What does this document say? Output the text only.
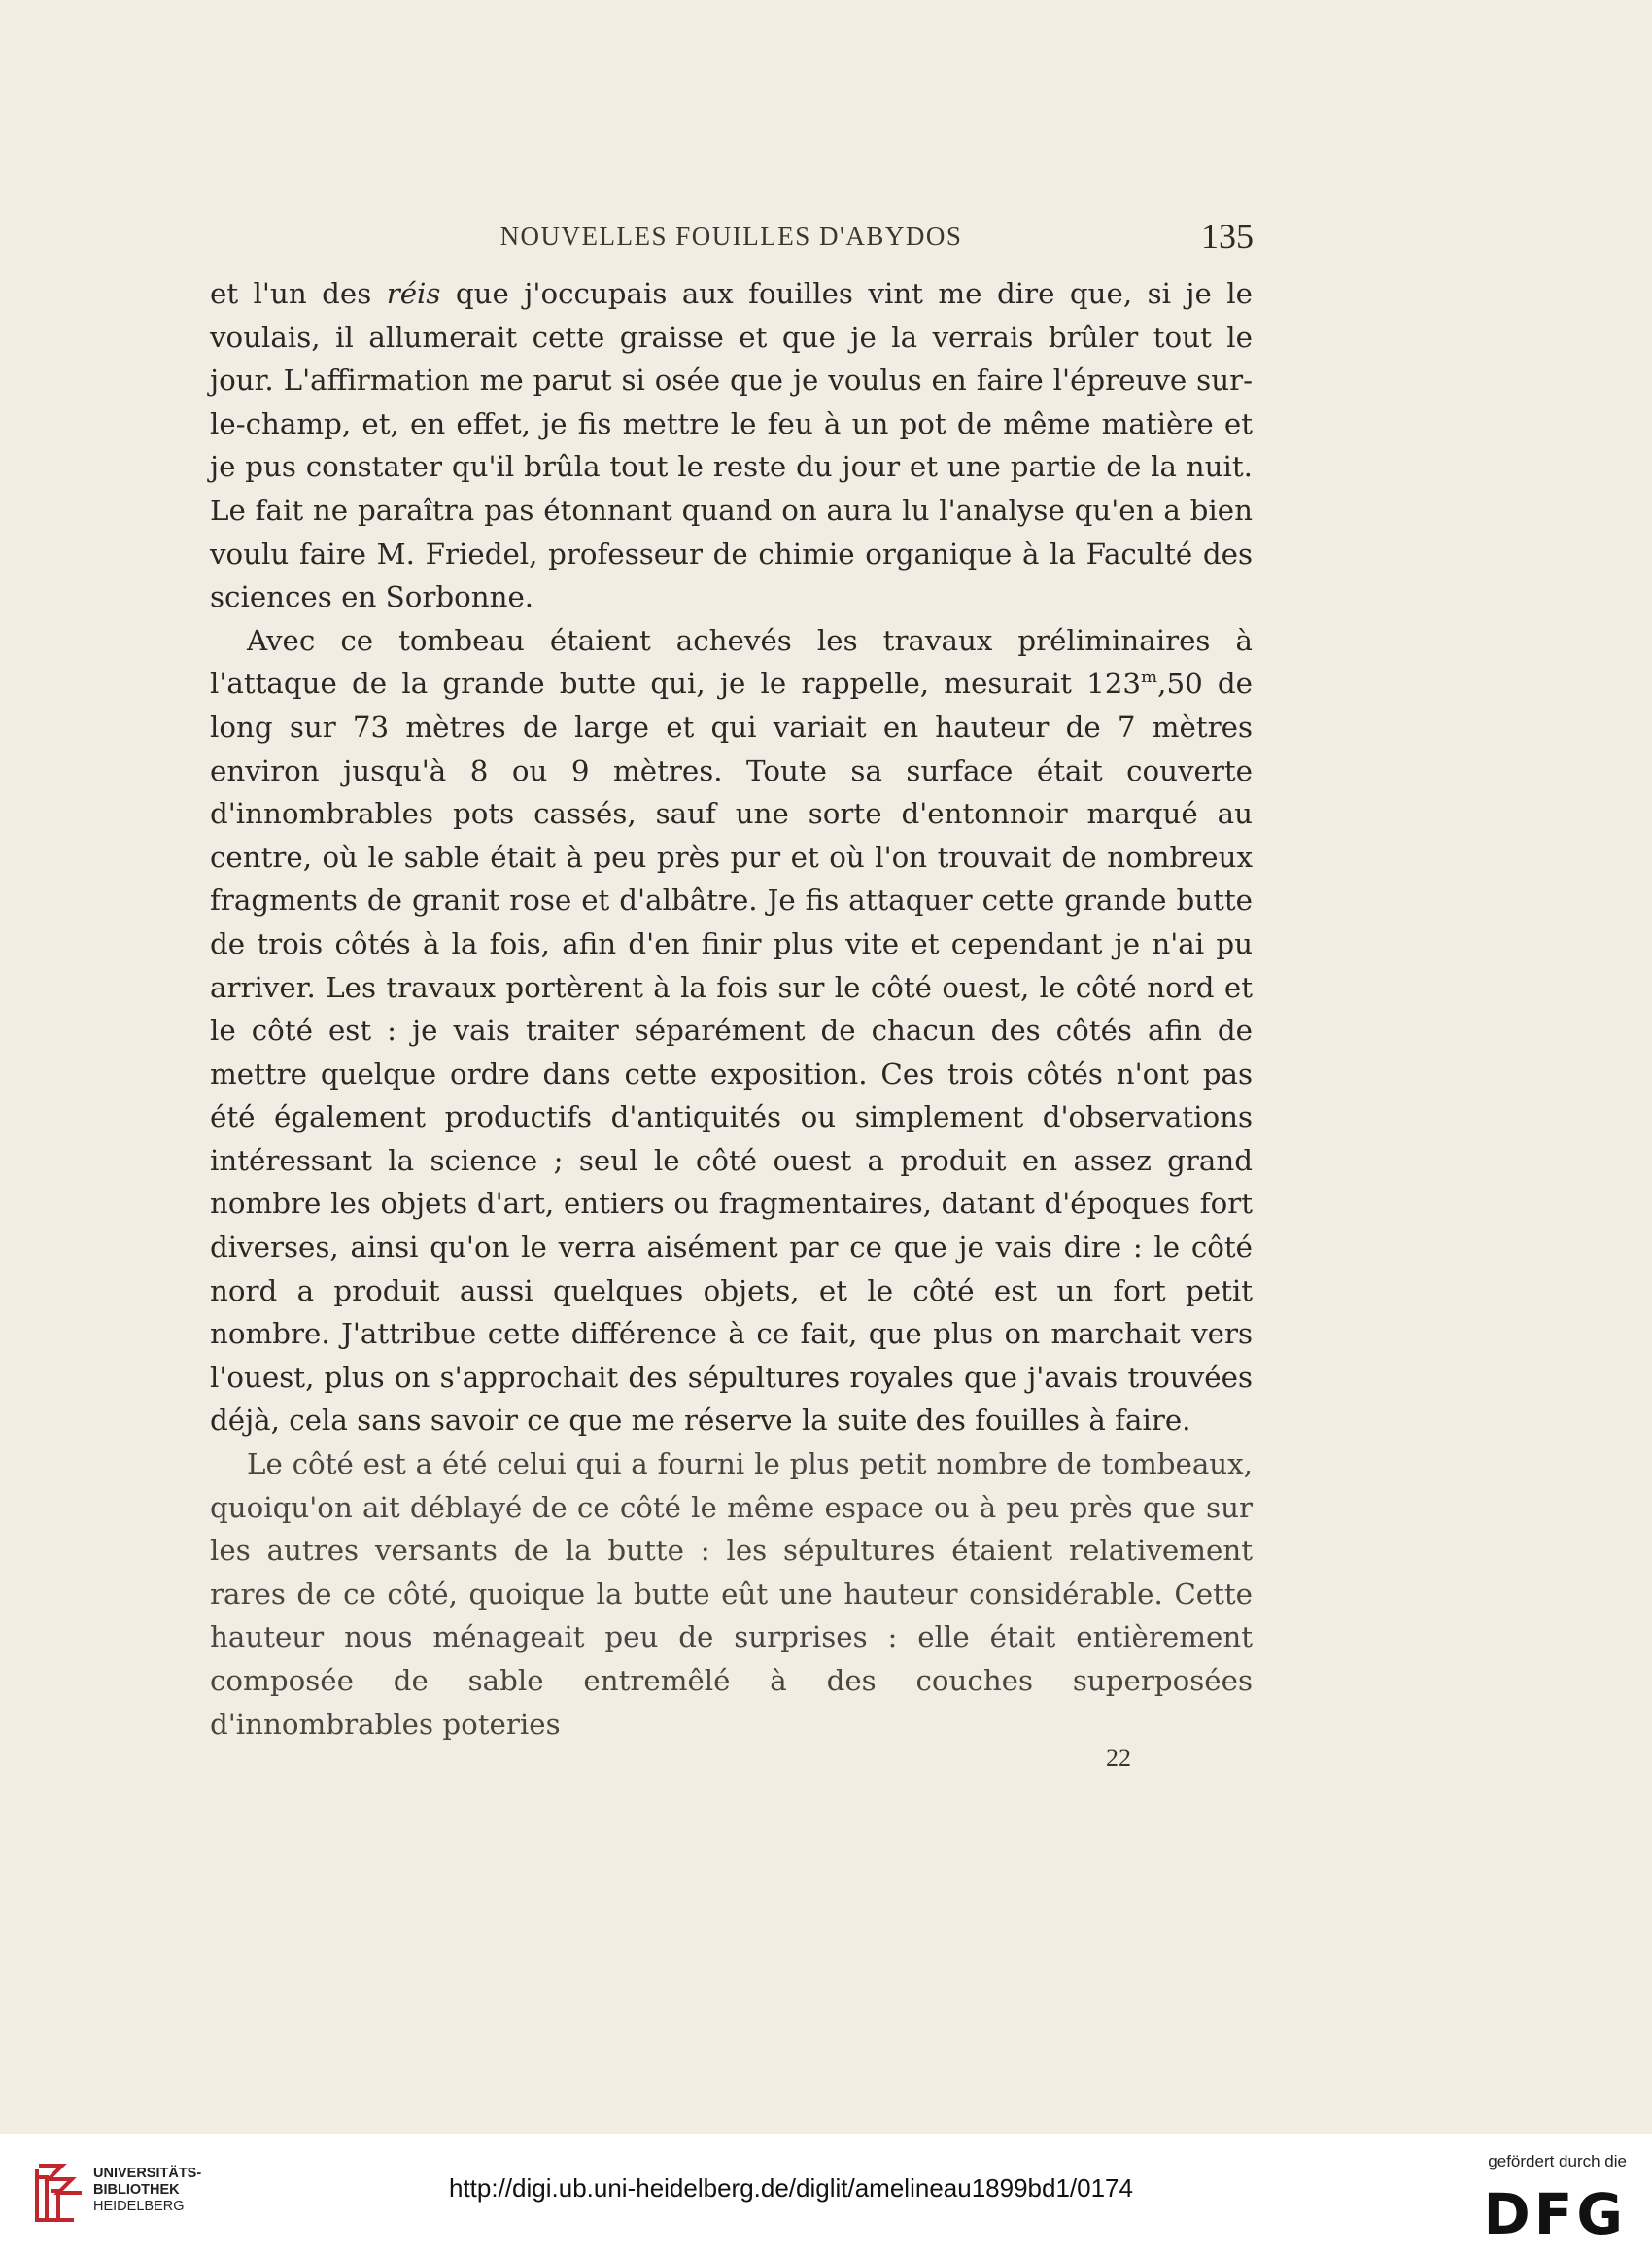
NOUVELLES FOUILLES D'ABYDOS	135

et l'un des réis que j'occupais aux fouilles vint me dire que, si je le voulais, il allumerait cette graisse et que je la verrais brûler tout le jour. L'affirmation me parut si osée que je voulus en faire l'épreuve sur-le-champ, et, en effet, je fis mettre le feu à un pot de même matière et je pus constater qu'il brûla tout le reste du jour et une partie de la nuit. Le fait ne paraîtra pas étonnant quand on aura lu l'analyse qu'en a bien voulu faire M. Friedel, professeur de chimie organique à la Faculté des sciences en Sorbonne.

Avec ce tombeau étaient achevés les travaux préliminaires à l'attaque de la grande butte qui, je le rappelle, mesurait 123$^m$,50 de long sur 73 mètres de large et qui variait en hauteur de 7 mètres environ jusqu'à 8 ou 9 mètres. Toute sa surface était couverte d'innombrables pots cassés, sauf une sorte d'entonnoir marqué au centre, où le sable était à peu près pur et où l'on trouvait de nombreux fragments de granit rose et d'albâtre. Je fis attaquer cette grande butte de trois côtés à la fois, afin d'en finir plus vite et cependant je n'ai pu arriver. Les travaux portèrent à la fois sur le côté ouest, le côté nord et le côté est : je vais traiter séparément de chacun des côtés afin de mettre quelque ordre dans cette exposition. Ces trois côtés n'ont pas été également productifs d'antiquités ou simplement d'observations intéressant la science ; seul le côté ouest a produit en assez grand nombre les objets d'art, entiers ou fragmentaires, datant d'époques fort diverses, ainsi qu'on le verra aisément par ce que je vais dire : le côté nord a produit aussi quelques objets, et le côté est un fort petit nombre. J'attribue cette différence à ce fait, que plus on marchait vers l'ouest, plus on s'approchait des sépultures royales que j'avais trouvées déjà, cela sans savoir ce que me réserve la suite des fouilles à faire.

Le côté est a été celui qui a fourni le plus petit nombre de tombeaux, quoiqu'on ait déblayé de ce côté le même espace ou à peu près que sur les autres versants de la butte : les sépultures étaient relativement rares de ce côté, quoique la butte eût une hauteur considérable. Cette hauteur nous ménageait peu de surprises : elle était entièrement composée de sable entremêlé à des couches superposées d'innombrables poteries

22
UNIVERSITÄTS-
BIBLIOTHEK
HEIDELBERG
http://digi.ub.uni-heidelberg.de/diglit/amelineau1899bd1/0174
gefördert durch die
DFG
